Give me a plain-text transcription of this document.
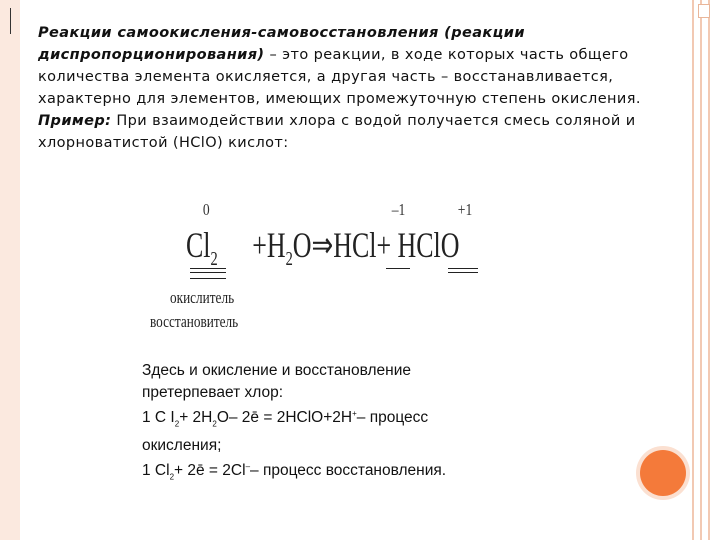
Реакции самоокисления-самовосстановления (реакции диспропорционирования) – это реакции, в ходе которых часть общего количества элемента окисляется, а другая часть – восстанавливается, характерно для элементов, имеющих промежуточную степень окисления.
Пример: При взаимодействии хлора с водой получается смесь соляной и хлорноватистой (HClO) кислот:
0	–1	+1
$Cl_2$ $+H_2O\Rightarrow HCl+$ HClO
окислитель
восстановитель
Здесь и окисление и восстановление
претерпевает хлор:
1 С $I_2+ 2H_2O-$ 2ē = 2HClO+2H+– процесс
окисления;
1 $Cl_2+$ 2ē = 2Cl–– процесс восстановления.
